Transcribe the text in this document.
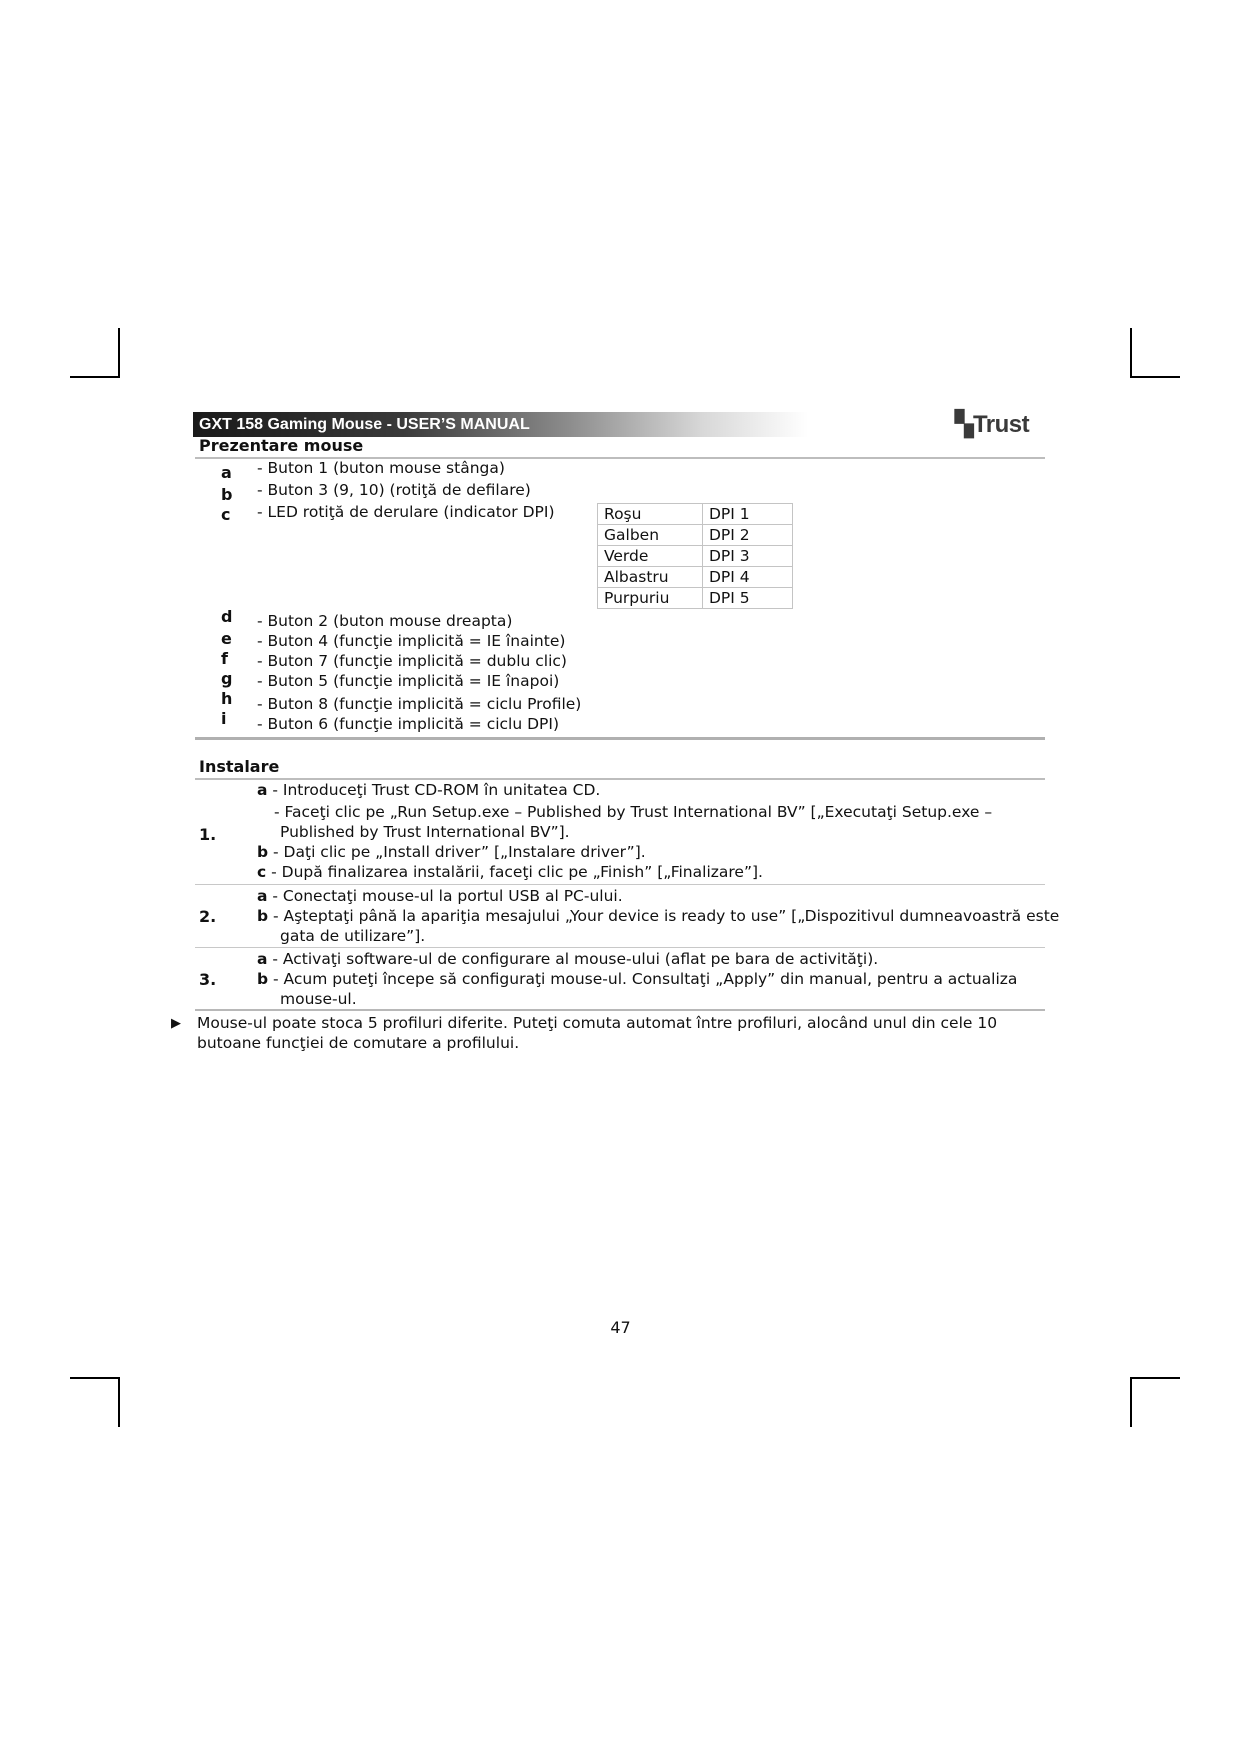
GXT 158 Gaming Mouse - USER’S MANUAL	▚Trust
Prezentare mouse
a - Buton 1 (buton mouse stânga)
b - Buton 3 (9, 10) (rotiţă de defilare)
c - LED rotiţă de derulare (indicator DPI)	Roşu	DPI 1
Galben	DPI 2
Verde	DPI 3
Albastru	DPI 4
Purpuriu	DPI 5
d - Buton 2 (buton mouse dreapta)
e - Buton 4 (funcţie implicită = IE înainte)
f - Buton 7 (funcţie implicită = dublu clic)
g - Buton 5 (funcţie implicită = IE înapoi)
h - Buton 8 (funcţie implicită = ciclu Profile)
i - Buton 6 (funcţie implicită = ciclu DPI)
Instalare
1.
a - Introduceţi Trust CD-ROM în unitatea CD.
- Faceţi clic pe „Run Setup.exe – Published by Trust International BV” [„Executaţi Setup.exe –
Published by Trust International BV”].
b - Daţi clic pe „Install driver” [„Instalare driver”].
c - După finalizarea instalării, faceţi clic pe „Finish” [„Finalizare”].
2.
a - Conectaţi mouse-ul la portul USB al PC-ului.
b - Aşteptaţi până la apariţia mesajului „Your device is ready to use” [„Dispozitivul dumneavoastră este
gata de utilizare”].
3.
a - Activaţi software-ul de configurare al mouse-ului (aflat pe bara de activităţi).
b - Acum puteţi începe să configuraţi mouse-ul. Consultaţi „Apply” din manual, pentru a actualiza
mouse-ul.
▶ Mouse-ul poate stoca 5 profiluri diferite. Puteţi comuta automat între profiluri, alocând unul din cele 10 butoane funcţiei de comutare a profilului.
47
